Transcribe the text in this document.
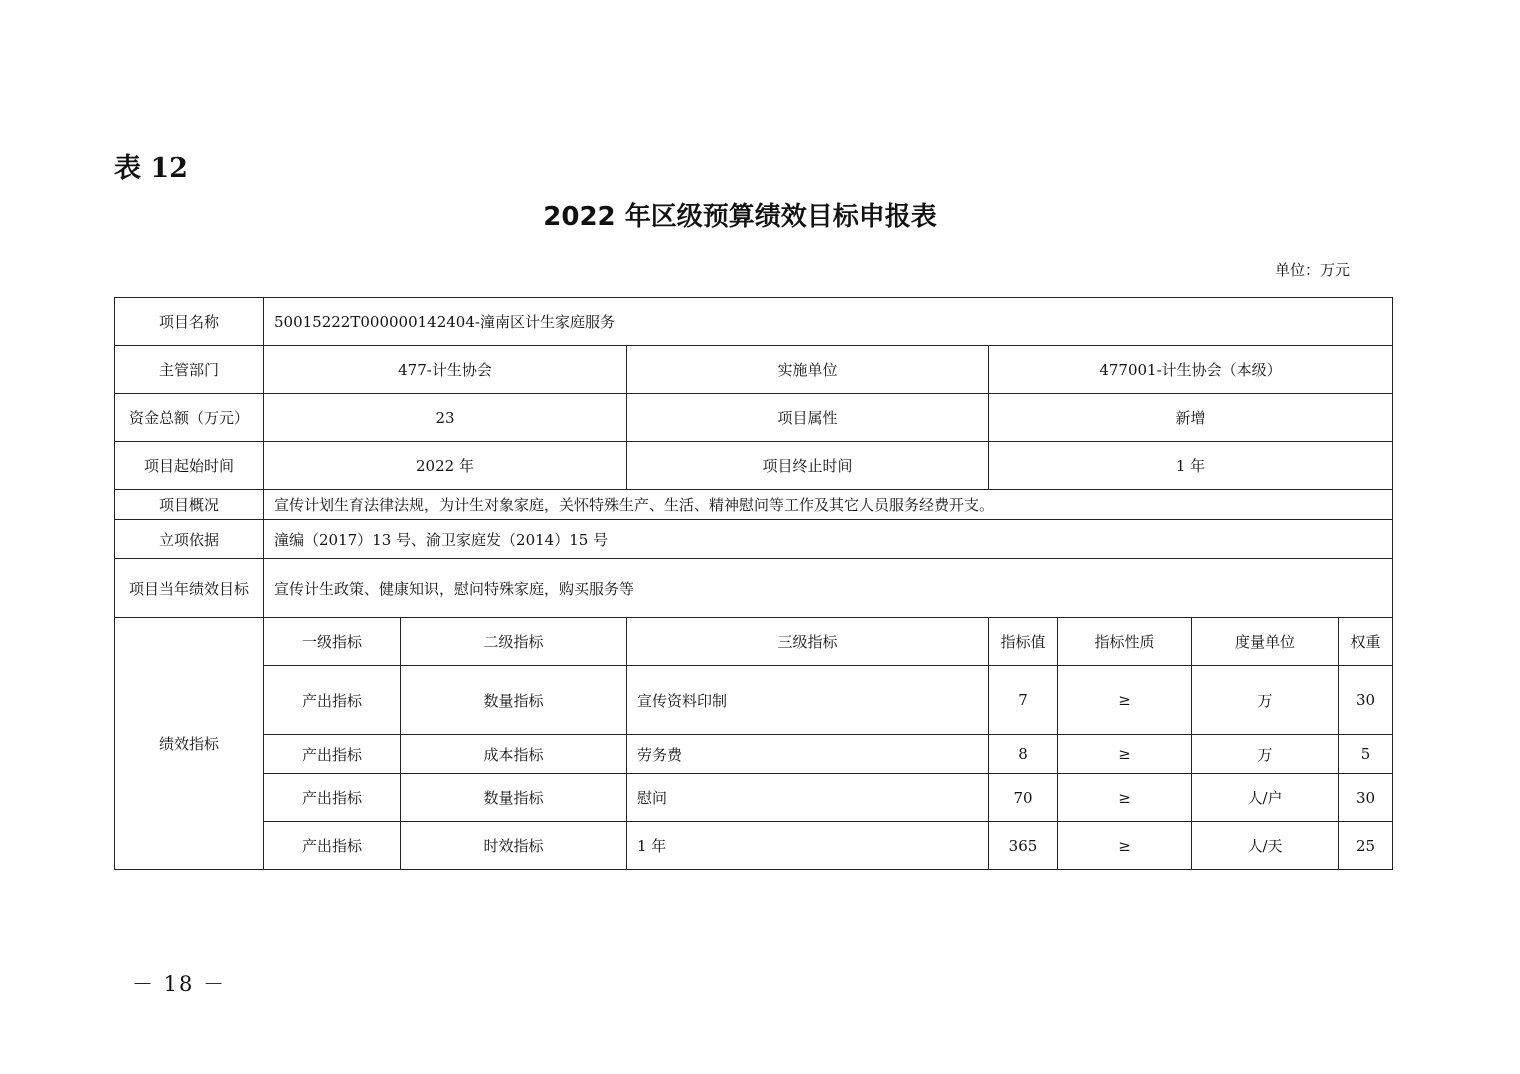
表 12
2022 年区级预算绩效目标申报表
单位：万元
项目名称	50015222T000000142404-潼南区计生家庭服务						
主管部门	477-计生协会		实施单位	477001-计生协会（本级）			
资金总额（万元）	23		项目属性	新增			
项目起始时间	2022 年		项目终止时间	1 年			
项目概况	宣传计划生育法律法规，为计生对象家庭，关怀特殊生产、生活、精神慰问等工作及其它人员服务经费开支。						
立项依据	潼编（2017）13 号、渝卫家庭发（2014）15 号						
项目当年绩效目标	宣传计生政策、健康知识，慰问特殊家庭，购买服务等						
绩效指标	一级指标	二级指标	三级指标	指标值	指标性质	度量单位	权重
	产出指标	数量指标	宣传资料印制	7	≥	万	30
	产出指标	成本指标	劳务费	8	≥	万	5
	产出指标	数量指标	慰问	70	≥	人/户	30
	产出指标	时效指标	1 年	365	≥	人/天	25
－ 18 －
